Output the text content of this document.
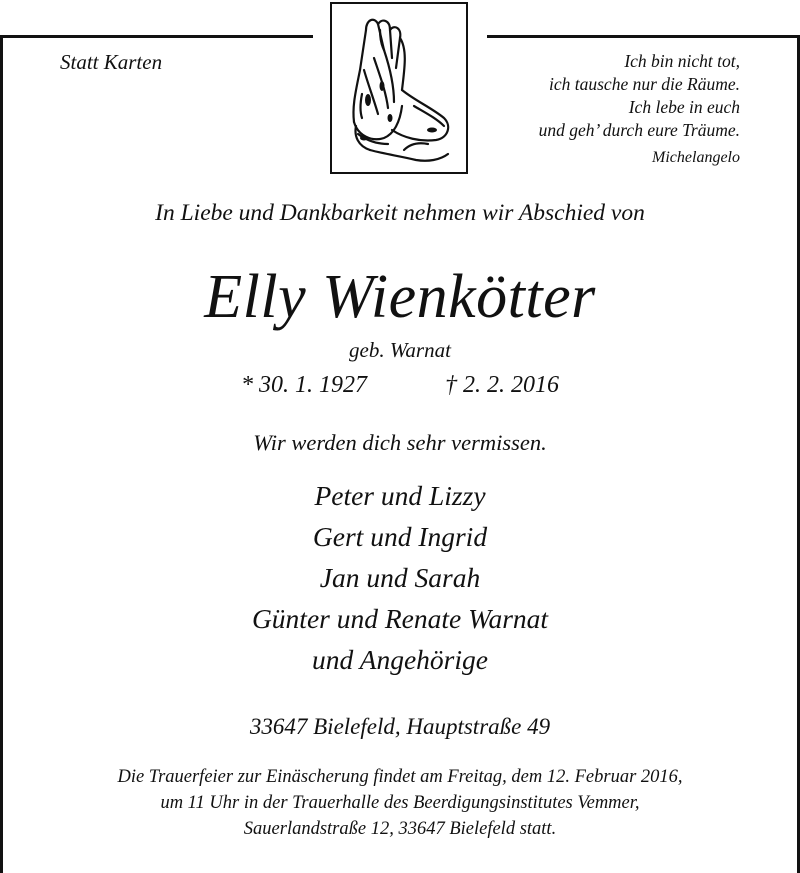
Statt Karten	Ich bin nicht tot,
ich tausche nur die Räume.
Ich lebe in euch
und geh’ durch eure Träume.
Michelangelo
In Liebe und Dankbarkeit nehmen wir Abschied von
Elly Wienkötter
geb. Warnat
* 30. 1. 1927	† 2. 2. 2016
Wir werden dich sehr vermissen.
Peter und Lizzy
Gert und Ingrid
Jan und Sarah
Günter und Renate Warnat
und Angehörige
33647 Bielefeld, Hauptstraße 49
Die Trauerfeier zur Einäscherung findet am Freitag, dem 12. Februar 2016,
um 11 Uhr in der Trauerhalle des Beerdigungsinstitutes Vemmer,
Sauerlandstraße 12, 33647 Bielefeld statt.
